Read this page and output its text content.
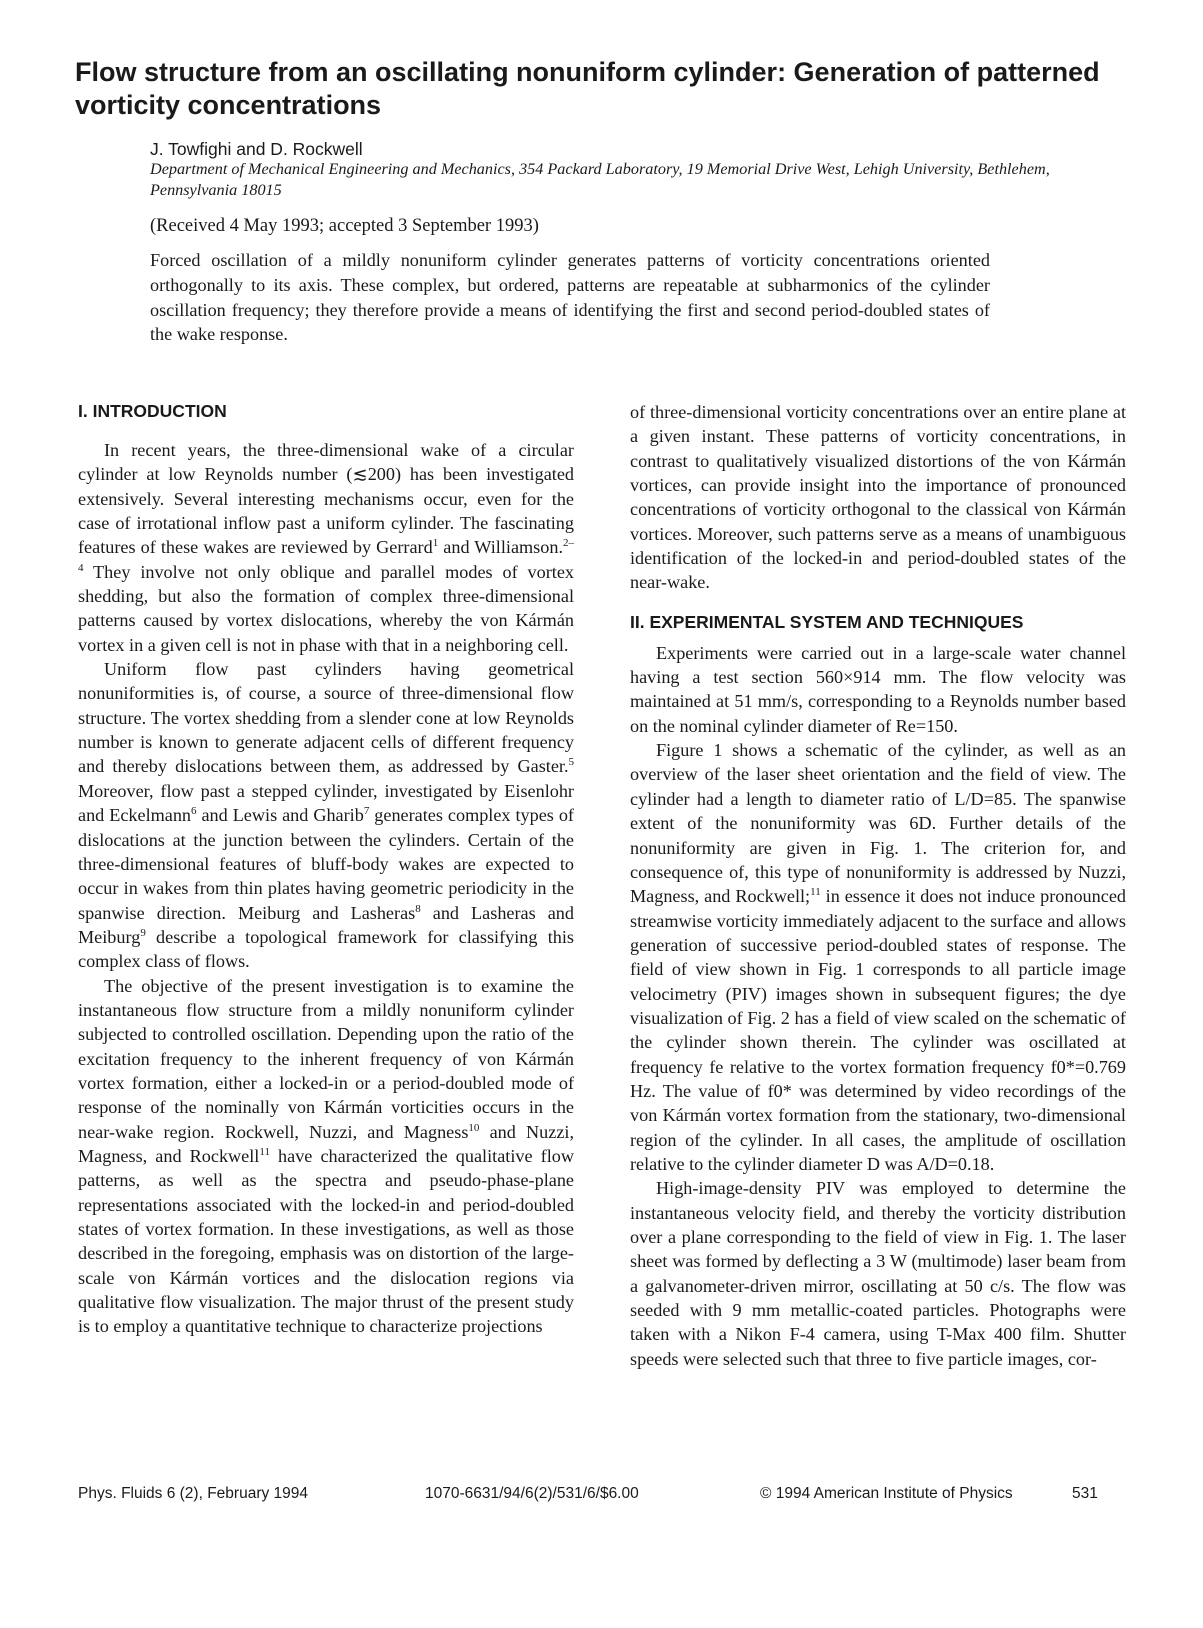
Flow structure from an oscillating nonuniform cylinder: Generation of patterned vorticity concentrations
J. Towfighi and D. Rockwell
Department of Mechanical Engineering and Mechanics, 354 Packard Laboratory, 19 Memorial Drive West, Lehigh University, Bethlehem, Pennsylvania 18015
(Received 4 May 1993; accepted 3 September 1993)

Forced oscillation of a mildly nonuniform cylinder generates patterns of vorticity concentrations oriented orthogonally to its axis. These complex, but ordered, patterns are repeatable at subharmonics of the cylinder oscillation frequency; they therefore provide a means of identifying the first and second period-doubled states of the wake response.

I. INTRODUCTION

In recent years, the three-dimensional wake of a circular cylinder at low Reynolds number (≲200) has been investigated extensively. Several interesting mechanisms occur, even for the case of irrotational inflow past a uniform cylinder. The fascinating features of these wakes are reviewed by Gerrard$^1$ and Williamson.$^{2-4}$ They involve not only oblique and parallel modes of vortex shedding, but also the formation of complex three-dimensional patterns caused by vortex dislocations, whereby the von Kármán vortex in a given cell is not in phase with that in a neighboring cell.

Uniform flow past cylinders having geometrical nonuniformities is, of course, a source of three-dimensional flow structure. The vortex shedding from a slender cone at low Reynolds number is known to generate adjacent cells of different frequency and thereby dislocations between them, as addressed by Gaster.$^5$ Moreover, flow past a stepped cylinder, investigated by Eisenlohr and Eckelmann$^6$ and Lewis and Gharib$^7$ generates complex types of dislocations at the junction between the cylinders. Certain of the three-dimensional features of bluff-body wakes are expected to occur in wakes from thin plates having geometric periodicity in the spanwise direction. Meiburg and Lasheras$^8$ and Lasheras and Meiburg$^9$ describe a topological framework for classifying this complex class of flows.

The objective of the present investigation is to examine the instantaneous flow structure from a mildly nonuniform cylinder subjected to controlled oscillation. Depending upon the ratio of the excitation frequency to the inherent frequency of von Kármán vortex formation, either a locked-in or a period-doubled mode of response of the nominally von Kármán vorticities occurs in the near-wake region. Rockwell, Nuzzi, and Magness$^{10}$ and Nuzzi, Magness, and Rockwell$^{11}$ have characterized the qualitative flow patterns, as well as the spectra and pseudo-phase-plane representations associated with the locked-in and period-doubled states of vortex formation. In these investigations, as well as those described in the foregoing, emphasis was on distortion of the large-scale von Kármán vortices and the dislocation regions via qualitative flow visualization. The major thrust of the present study is to employ a quantitative technique to characterize projections

of three-dimensional vorticity concentrations over an entire plane at a given instant. These patterns of vorticity concentrations, in contrast to qualitatively visualized distortions of the von Kármán vortices, can provide insight into the importance of pronounced concentrations of vorticity orthogonal to the classical von Kármán vortices. Moreover, such patterns serve as a means of unambiguous identification of the locked-in and period-doubled states of the near-wake.

II. EXPERIMENTAL SYSTEM AND TECHNIQUES

Experiments were carried out in a large-scale water channel having a test section 560×914 mm. The flow velocity was maintained at 51 mm/s, corresponding to a Reynolds number based on the nominal cylinder diameter of Re=150.

Figure 1 shows a schematic of the cylinder, as well as an overview of the laser sheet orientation and the field of view. The cylinder had a length to diameter ratio of L/D=85. The spanwise extent of the nonuniformity was 6D. Further details of the nonuniformity are given in Fig. 1. The criterion for, and consequence of, this type of nonuniformity is addressed by Nuzzi, Magness, and Rockwell;$^{11}$ in essence it does not induce pronounced streamwise vorticity immediately adjacent to the surface and allows generation of successive period-doubled states of response. The field of view shown in Fig. 1 corresponds to all particle image velocimetry (PIV) images shown in subsequent figures; the dye visualization of Fig. 2 has a field of view scaled on the schematic of the cylinder shown therein. The cylinder was oscillated at frequency fe relative to the vortex formation frequency f0*=0.769 Hz. The value of f0* was determined by video recordings of the von Kármán vortex formation from the stationary, two-dimensional region of the cylinder. In all cases, the amplitude of oscillation relative to the cylinder diameter D was A/D=0.18.

High-image-density PIV was employed to determine the instantaneous velocity field, and thereby the vorticity distribution over a plane corresponding to the field of view in Fig. 1. The laser sheet was formed by deflecting a 3 W (multimode) laser beam from a galvanometer-driven mirror, oscillating at 50 c/s. The flow was seeded with 9 mm metallic-coated particles. Photographs were taken with a Nikon F-4 camera, using T-Max 400 film. Shutter speeds were selected such that three to five particle images, cor-

Phys. Fluids 6 (2), February 1994	1070-6631/94/6(2)/531/6/$6.00	© 1994 American Institute of Physics	531
